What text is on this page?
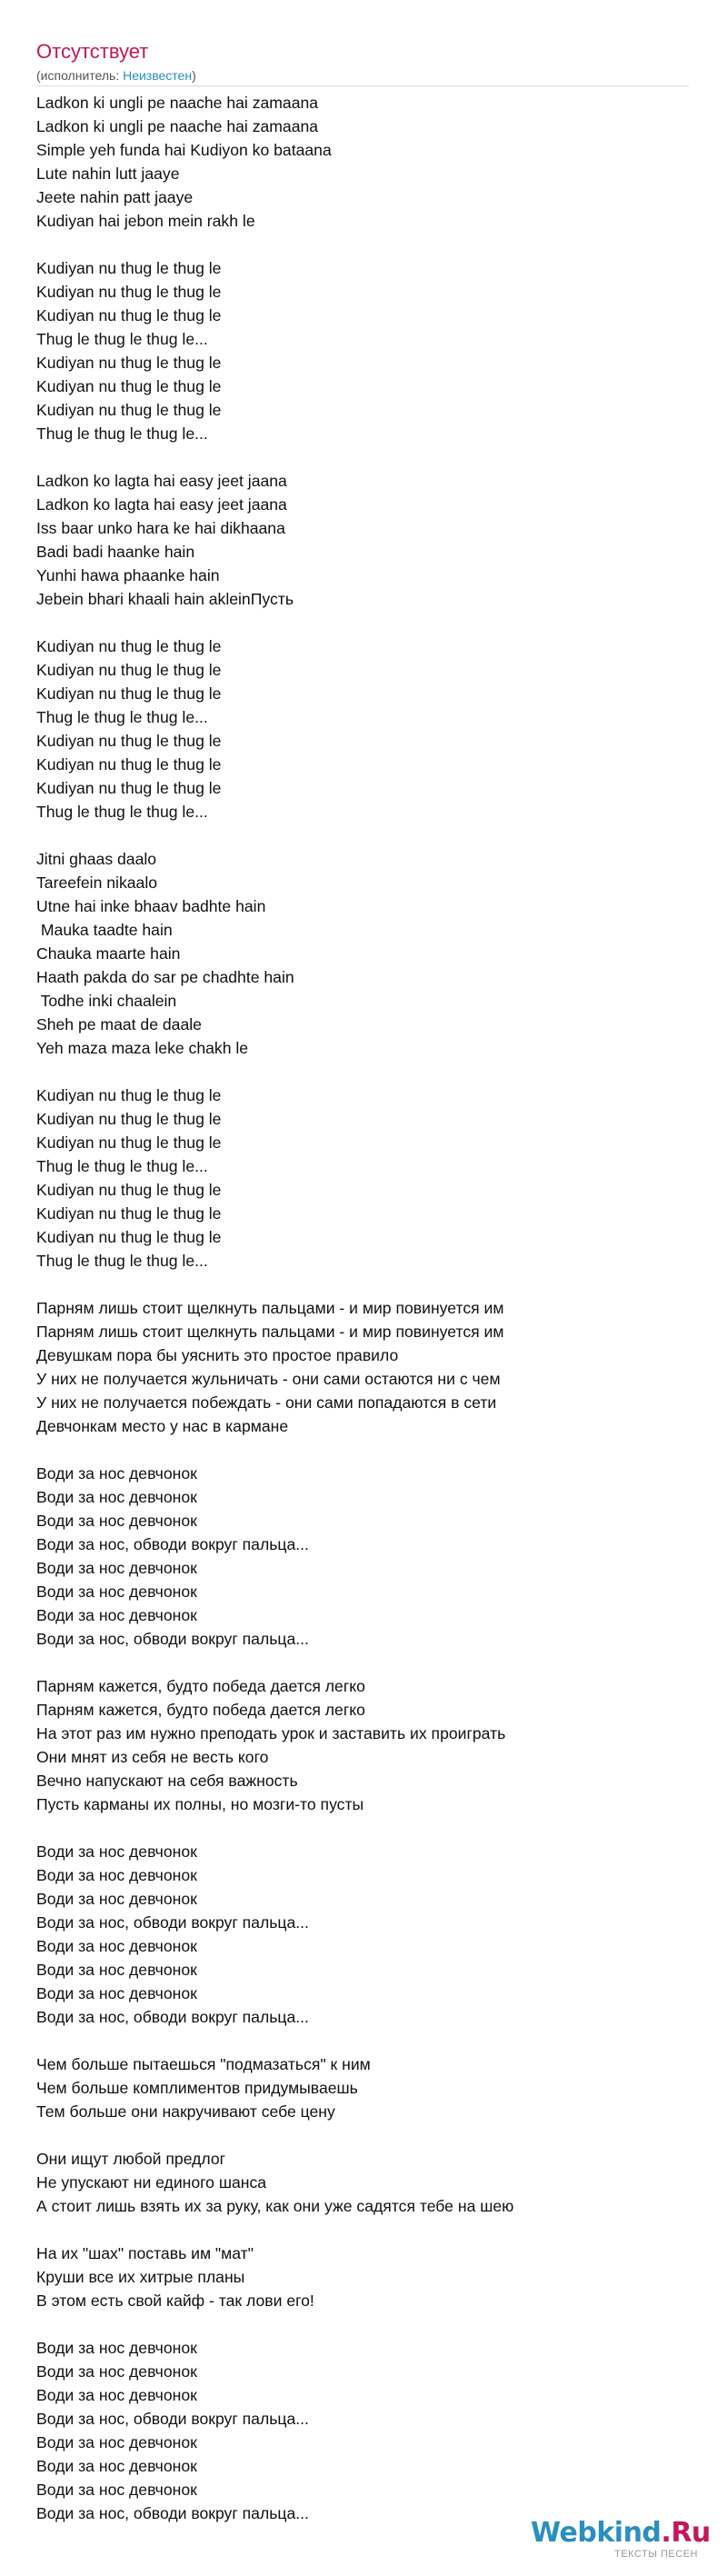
Отсутствует
(исполнитель: Неизвестен)
Ladkon ki ungli pe naache hai zamaana
Ladkon ki ungli pe naache hai zamaana
Simple yeh funda hai Kudiyon ko bataana
Lute nahin lutt jaaye
Jeete nahin patt jaaye
Kudiyan hai jebon mein rakh le
Kudiyan nu thug le thug le
Kudiyan nu thug le thug le
Kudiyan nu thug le thug le
Thug le thug le thug le...
Kudiyan nu thug le thug le
Kudiyan nu thug le thug le
Kudiyan nu thug le thug le
Thug le thug le thug le...
Ladkon ko lagta hai easy jeet jaana
Ladkon ko lagta hai easy jeet jaana
Iss baar unko hara ke hai dikhaana
Badi badi haanke hain
Yunhi hawa phaanke hain
Jebein bhari khaali hain akleinПусть
Kudiyan nu thug le thug le
Kudiyan nu thug le thug le
Kudiyan nu thug le thug le
Thug le thug le thug le...
Kudiyan nu thug le thug le
Kudiyan nu thug le thug le
Kudiyan nu thug le thug le
Thug le thug le thug le...
Jitni ghaas daalo
Tareefein nikaalo
Utne hai inke bhaav badhte hain
Mauka taadte hain
Chauka maarte hain
Haath pakda do sar pe chadhte hain
Todhe inki chaalein
Sheh pe maat de daale
Yeh maza maza leke chakh le
Kudiyan nu thug le thug le
Kudiyan nu thug le thug le
Kudiyan nu thug le thug le
Thug le thug le thug le...
Kudiyan nu thug le thug le
Kudiyan nu thug le thug le
Kudiyan nu thug le thug le
Thug le thug le thug le...
Парням лишь стоит щелкнуть пальцами - и мир повинуется им
Парням лишь стоит щелкнуть пальцами - и мир повинуется им
Девушкам пора бы уяснить это простое правило
У них не получается жульничать - они сами остаются ни с чем
У них не получается побеждать - они сами попадаются в сети
Девчонкам место у нас в кармане
Води за нос девчонок
Води за нос девчонок
Води за нос девчонок
Води за нос, обводи вокруг пальца...
Води за нос девчонок
Води за нос девчонок
Води за нос девчонок
Води за нос, обводи вокруг пальца...
Парням кажется, будто победа дается легко
Парням кажется, будто победа дается легко
На этот раз им нужно преподать урок и заставить их проиграть
Они мнят из себя не весть кого
Вечно напускают на себя важность
Пусть карманы их полны, но мозги-то пусты
Води за нос девчонок
Води за нос девчонок
Води за нос девчонок
Води за нос, обводи вокруг пальца...
Води за нос девчонок
Води за нос девчонок
Води за нос девчонок
Води за нос, обводи вокруг пальца...
Чем больше пытаешься "подмазаться" к ним
Чем больше комплиментов придумываешь
Тем больше они накручивают себе цену
Они ищут любой предлог
Не упускают ни единого шанса
А стоит лишь взять их за руку, как они уже садятся тебе на шею
На их "шах" поставь им "мат"
Круши все их хитрые планы
В этом есть свой кайф - так лови его!
Води за нос девчонок
Води за нос девчонок
Води за нос девчонок
Води за нос, обводи вокруг пальца...
Води за нос девчонок
Води за нос девчонок
Води за нос девчонок
Води за нос, обводи вокруг пальца...
Webkind.Ru
ТЕКСТЫ ПЕСЕН
